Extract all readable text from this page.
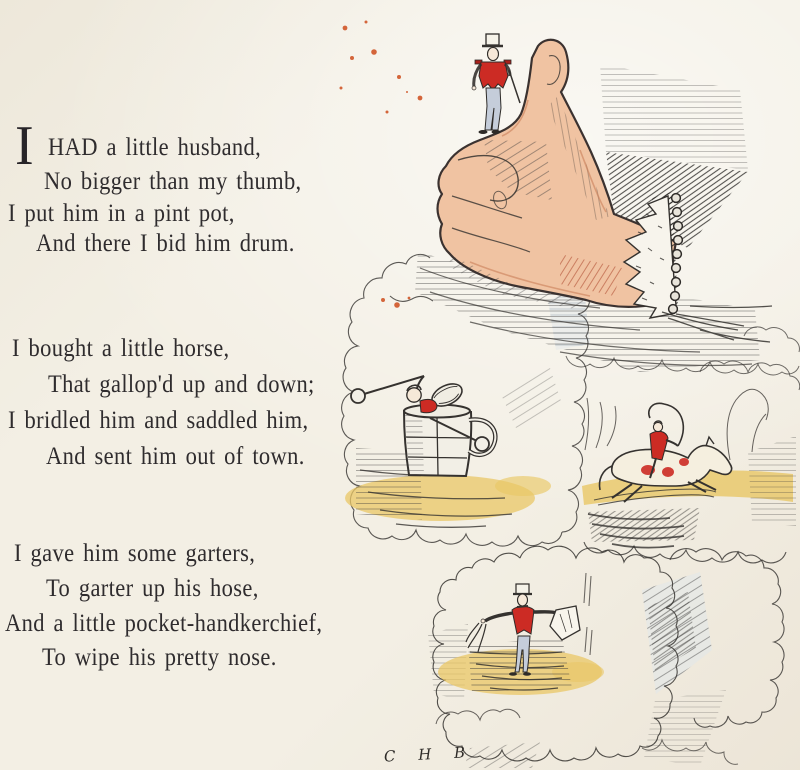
C H B
I HAD a little husband,
No bigger than my thumb,
I put him in a pint pot,
And there I bid him drum.
I bought a little horse,
That gallop'd up and down;
I bridled him and saddled him,
And sent him out of town.
I gave him some garters,
To garter up his hose,
And a little pocket-handkerchief,
To wipe his pretty nose.
